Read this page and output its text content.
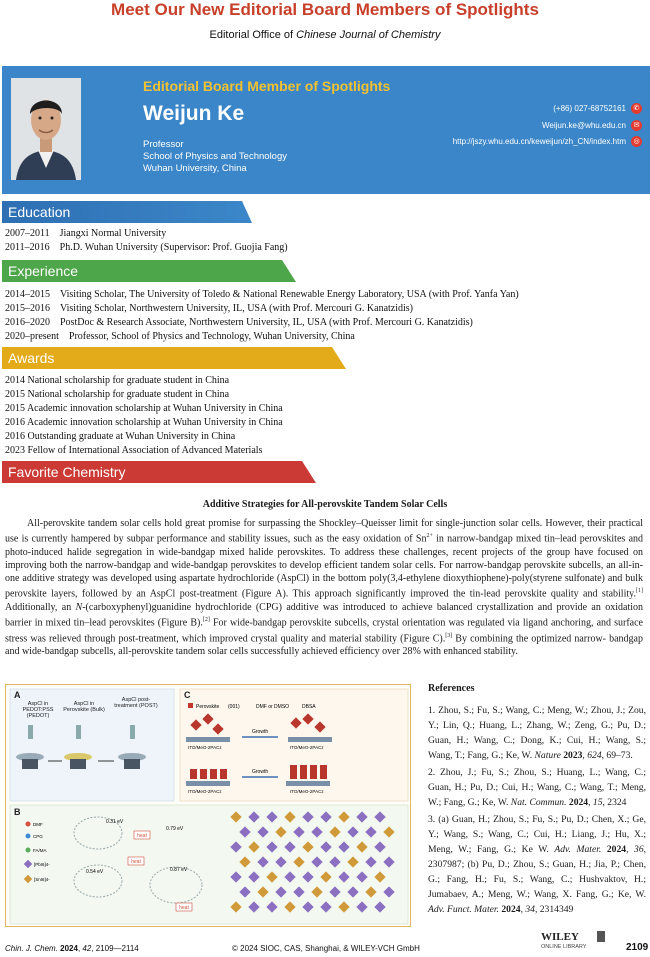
Meet Our New Editorial Board Members of Spotlights
Editorial Office of Chinese Journal of Chemistry
Editorial Board Member of Spotlights
Weijun Ke
Professor
School of Physics and Technology
Wuhan University, China
(+86) 027-68752161	✆
Weijun.ke@whu.edu.cn	✉
http://jszy.whu.edu.cn/keweijun/zh_CN/index.htm	◎
Education
2007–2011    Jiangxi Normal University
2011–2016    Ph.D. Wuhan University (Supervisor: Prof. Guojia Fang)
Experience
2014–2015    Visiting Scholar, The University of Toledo & National Renewable Energy Laboratory, USA (with Prof. Yanfa Yan)
2015–2016    Visiting Scholar, Northwestern University, IL, USA (with Prof. Mercouri G. Kanatzidis)
2016–2020    PostDoc & Research Associate, Northwestern University, IL, USA (with Prof. Mercouri G. Kanatzidis)
2020–present    Professor, School of Physics and Technology, Wuhan University, China
Awards
2014 National scholarship for graduate student in China
2015 National scholarship for graduate student in China
2015 Academic innovation scholarship at Wuhan University in China
2016 Academic innovation scholarship at Wuhan University in China
2016 Outstanding graduate at Wuhan University in China
2023 Fellow of International Association of Advanced Materials
Favorite Chemistry
Additive Strategies for All-perovskite Tandem Solar Cells
All-perovskite tandem solar cells hold great promise for surpassing the Shockley–Queisser limit for single-junction solar cells. However, their practical use is currently hampered by subpar performance and stability issues, such as the easy oxidation of $Sn^{2+}$ in narrow-bandgap mixed tin–lead perovskites and photo-induced halide segregation in wide-bandgap mixed halide perovskites. To address these challenges, recent projects of the group have focused on improving both the narrow-bandgap and wide-bandgap perovskites to develop efficient tandem solar cells. For narrow-bandgap perovskite subcells, an all-in-one additive strategy was developed using aspartate hydrochloride (AspCl) in the bottom poly(3,4-ethylene dioxythiophene)-poly(styrene sulfonate) and bulk perovskite layers, followed by an AspCl post-treatment (Figure A). This approach significantly improved the tin-lead perovskite quality and stability.[1] Additionally, an N-(carboxyphenyl)guanidine hydrochloride (CPG) additive was introduced to achieve balanced crystallization and provide an oxidation barrier in mixed tin–lead perovskites (Figure B).[2] For wide-bandgap perovskite subcells, crystal orientation was regulated via ligand anchoring, and surface stress was relieved through post-treatment, which improved crystal quality and material stability (Figure C).[3] By combining the optimized narrow- bandgap and wide-bandgap subcells, all-perovskite tandem solar cells successfully achieved efficiency over 28% with enhanced stability.
A
AspCl in PEDOT:PSS (PEDOT)
AspCl in Perovskite (Bulk)
AspCl post-treatment (POST)
C
Perovskite (001)	DMF or DMSO	DBSA
Growth
ITO/MeO-2PACz	ITO/MeO-2PACz
Growth
ITO/MeO-2PACz	ITO/MeO-2PACz
B
DMF
CPG
FA/MA
[PbI6]4-
[SnI6]4-
0.31 eV
0.79 eV
0.54 eV	0.87 eV
heat
heat
heat
References

1. Zhou, S.; Fu, S.; Wang, C.; Meng, W.; Zhou, J.; Zou, Y.; Lin, Q.; Huang, L.; Zhang, W.; Zeng, G.; Pu, D.; Guan, H.; Wang, C.; Dong, K.; Cui, H.; Wang, S.; Wang, T.; Fang, G.; Ke, W. Nature 2023, 624, 69–73.

2. Zhou, J.; Fu, S.; Zhou, S.; Huang, L.; Wang, C.; Guan, H.; Pu, D.; Cui, H.; Wang, C.; Wang, T.; Meng, W.; Fang, G.; Ke, W. Nat. Commun. 2024, 15, 2324

3. (a) Guan, H.; Zhou, S.; Fu, S.; Pu, D.; Chen, X.; Ge, Y.; Wang, S.; Wang, C.; Cui, H.; Liang, J.; Hu, X.; Meng, W.; Fang, G.; Ke W. Adv. Mater. 2024, 36, 2307987; (b) Pu, D.; Zhou, S.; Guan, H.; Jia, P.; Chen, G.; Fang, H.; Fu, S.; Wang, C.; Hushvaktov, H.; Jumabaev, A.; Meng, W.; Wang, X. Fang, G.; Ke, W. Adv. Funct. Mater. 2024, 34, 2314349

Chin. J. Chem. 2024, 42, 2109—2114	© 2024 SIOC, CAS, Shanghai, & WILEY-VCH GmbH
WILEY
ONLINE LIBRARY	2109
